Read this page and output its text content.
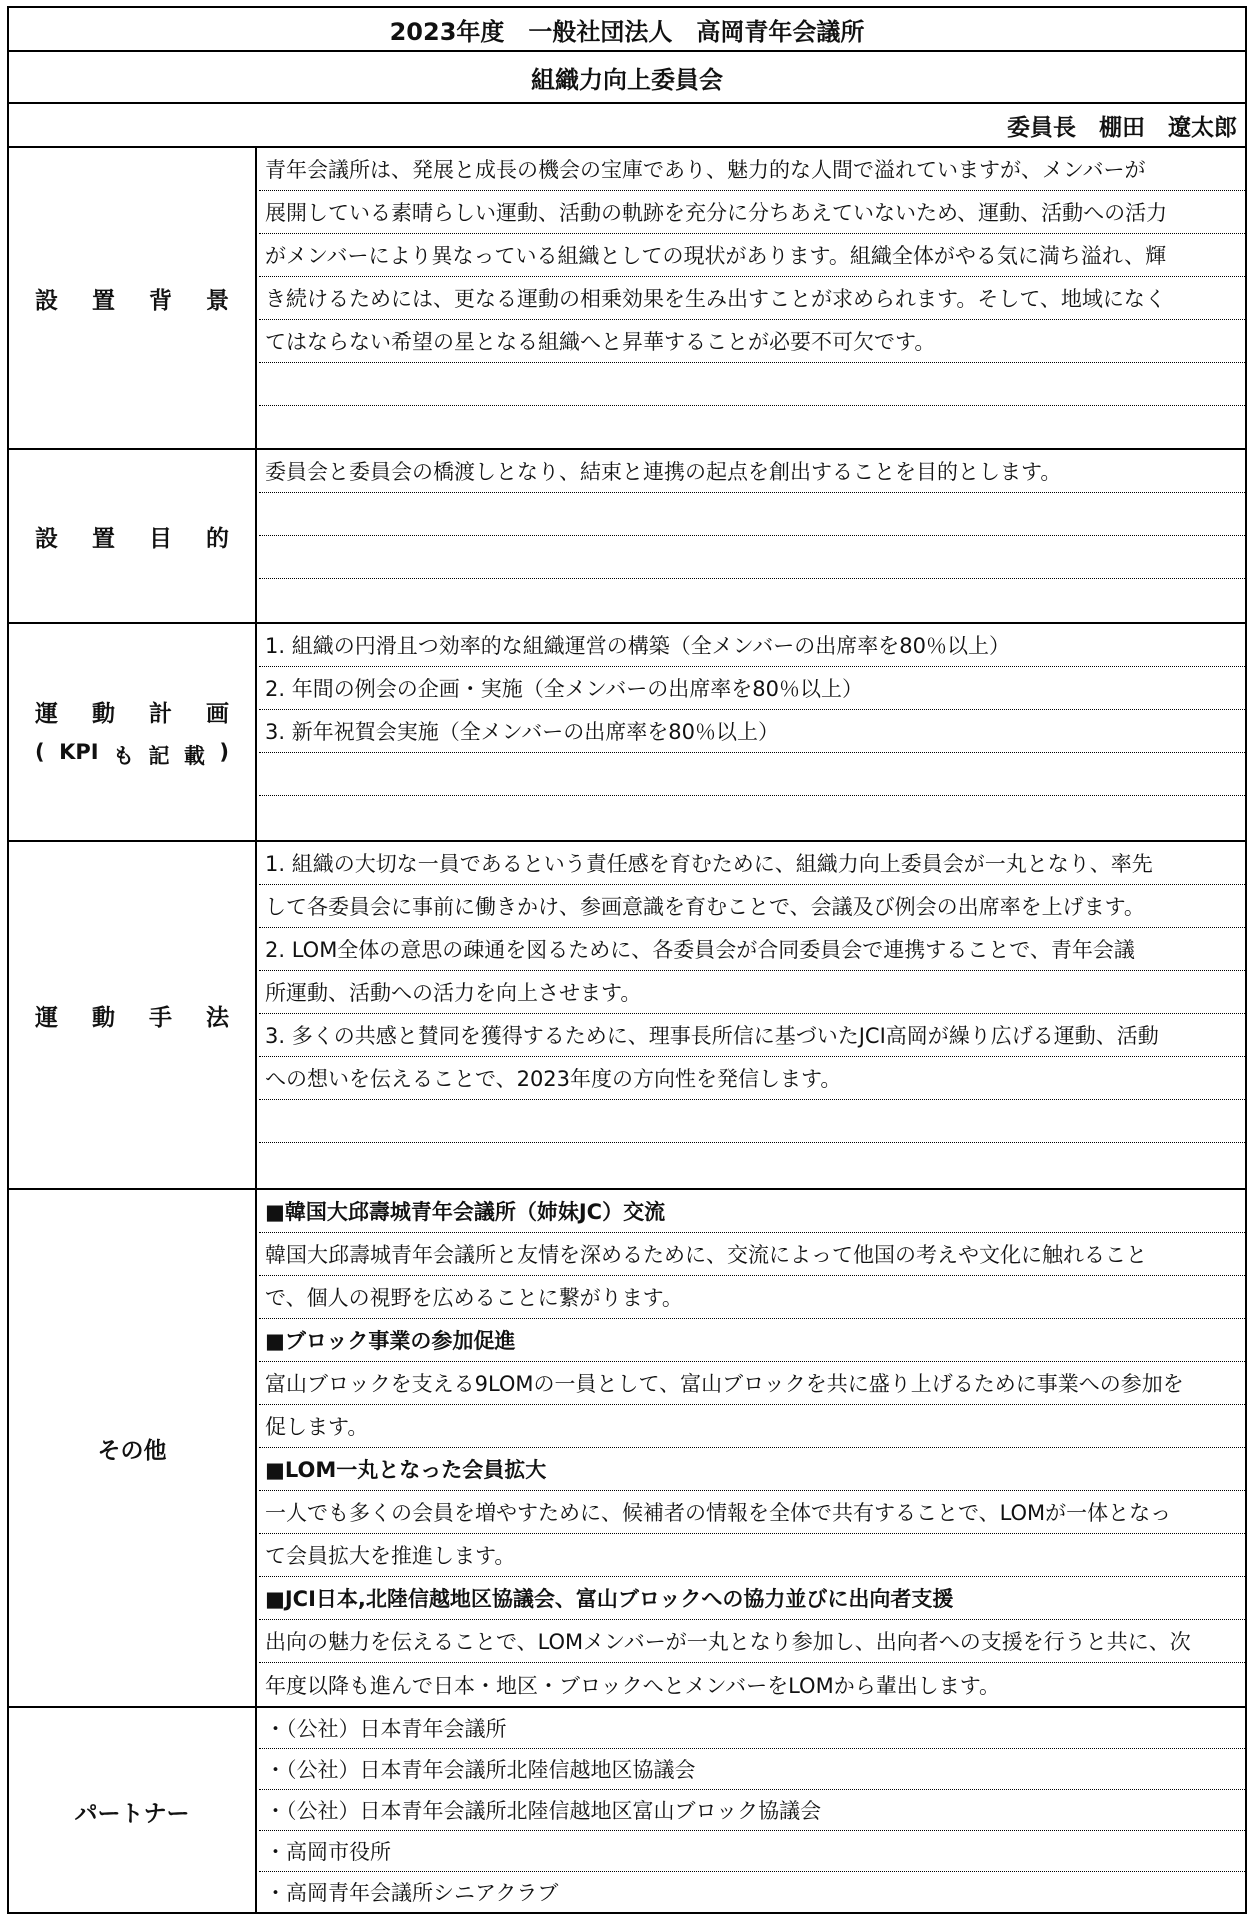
2023年度　一般社団法人　高岡青年会議所
組織力向上委員会
委員長　棚田　遼太郎
設 置 背 景
青年会議所は、発展と成長の機会の宝庫であり、魅力的な人間で溢れていますが、メンバーが
展開している素晴らしい運動、活動の軌跡を充分に分ちあえていないため、運動、活動への活力
がメンバーにより異なっている組織としての現状があります。組織全体がやる気に満ち溢れ、輝
き続けるためには、更なる運動の相乗効果を生み出すことが求められます。そして、地域になく
てはならない希望の星となる組織へと昇華することが必要不可欠です。
設 置 目 的
委員会と委員会の橋渡しとなり、結束と連携の起点を創出することを目的とします。
運 動 計 画
( KPI も 記 載 )
1. 組織の円滑且つ効率的な組織運営の構築（全メンバーの出席率を80％以上）
2. 年間の例会の企画・実施（全メンバーの出席率を80％以上）
3. 新年祝賀会実施（全メンバーの出席率を80％以上）
運 動 手 法
1. 組織の大切な一員であるという責任感を育むために、組織力向上委員会が一丸となり、率先
して各委員会に事前に働きかけ、参画意識を育むことで、会議及び例会の出席率を上げます。
2. LOM全体の意思の疎通を図るために、各委員会が合同委員会で連携することで、青年会議
所運動、活動への活力を向上させます。
3. 多くの共感と賛同を獲得するために、理事長所信に基づいたJCI高岡が繰り広げる運動、活動
への想いを伝えることで、2023年度の方向性を発信します。
その他
■韓国大邱壽城青年会議所（姉妹JC）交流
韓国大邱壽城青年会議所と友情を深めるために、交流によって他国の考えや文化に触れること
で、個人の視野を広めることに繋がります。
■ブロック事業の参加促進
富山ブロックを支える9LOMの一員として、富山ブロックを共に盛り上げるために事業への参加を
促します。
■LOM一丸となった会員拡大
一人でも多くの会員を増やすために、候補者の情報を全体で共有することで、LOMが一体となっ
て会員拡大を推進します。
■JCI日本,北陸信越地区協議会、富山ブロックへの協力並びに出向者支援
出向の魅力を伝えることで、LOMメンバーが一丸となり参加し、出向者への支援を行うと共に、次
年度以降も進んで日本・地区・ブロックへとメンバーをLOMから輩出します。
パートナー
・（公社）日本青年会議所
・（公社）日本青年会議所北陸信越地区協議会
・（公社）日本青年会議所北陸信越地区富山ブロック協議会
・高岡市役所
・高岡青年会議所シニアクラブ
